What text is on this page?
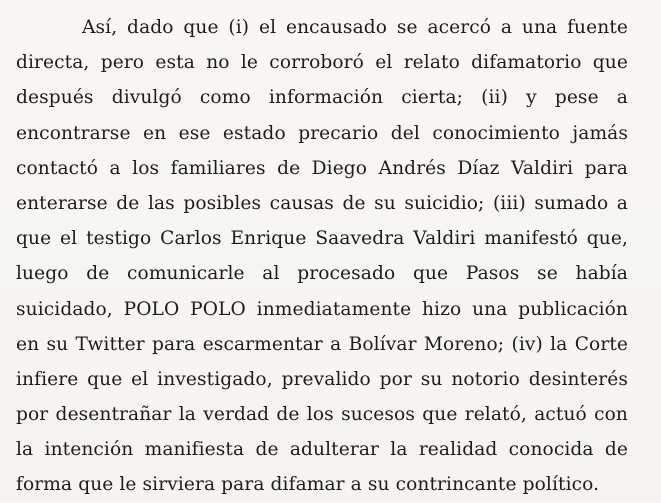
Así, dado que (i) el encausado se acercó a una fuente
directa, pero esta no le corroboró el relato difamatorio que
después divulgó como información cierta; (ii) y pese a
encontrarse en ese estado precario del conocimiento jamás
contactó a los familiares de Diego Andrés Díaz Valdiri para
enterarse de las posibles causas de su suicidio; (iii) sumado a
que el testigo Carlos Enrique Saavedra Valdiri manifestó que,
luego de comunicarle al procesado que Pasos se había
suicidado, POLO POLO inmediatamente hizo una publicación
en su Twitter para escarmentar a Bolívar Moreno; (iv) la Corte
infiere que el investigado, prevalido por su notorio desinterés
por desentrañar la verdad de los sucesos que relató, actuó con
la intención manifiesta de adulterar la realidad conocida de
forma que le sirviera para difamar a su contrincante político.
